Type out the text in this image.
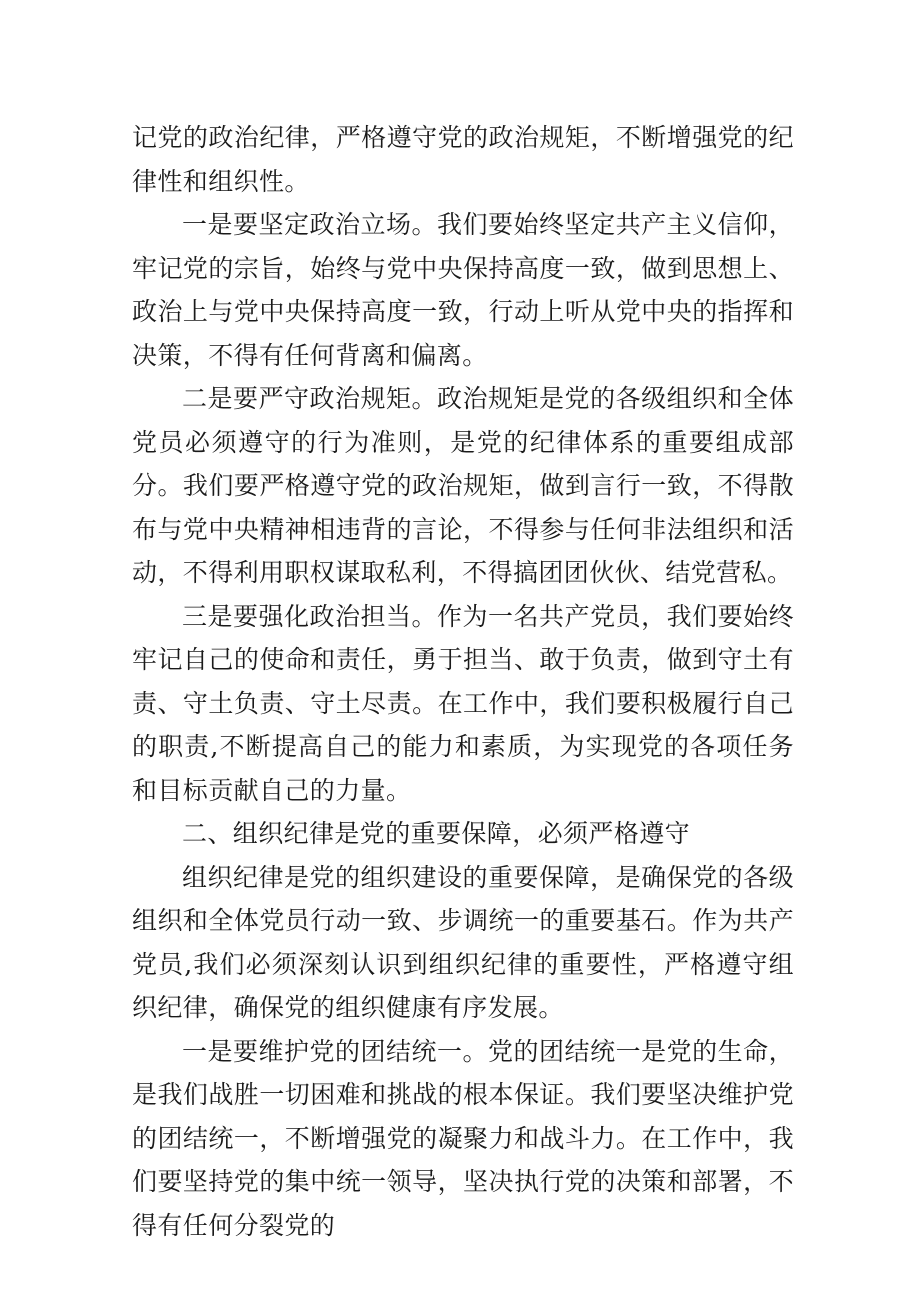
记党的政治纪律，严格遵守党的政治规矩，不断增强党的纪律性和组织性。

一是要坚定政治立场。我们要始终坚定共产主义信仰，牢记党的宗旨，始终与党中央保持高度一致，做到思想上、政治上与党中央保持高度一致，行动上听从党中央的指挥和决策，不得有任何背离和偏离。

二是要严守政治规矩。政治规矩是党的各级组织和全体党员必须遵守的行为准则，是党的纪律体系的重要组成部分。我们要严格遵守党的政治规矩，做到言行一致，不得散布与党中央精神相违背的言论，不得参与任何非法组织和活动，不得利用职权谋取私利，不得搞团团伙伙、结党营私。

三是要强化政治担当。作为一名共产党员，我们要始终牢记自己的使命和责任，勇于担当、敢于负责，做到守土有责、守土负责、守土尽责。在工作中，我们要积极履行自己的职责,不断提高自己的能力和素质，为实现党的各项任务和目标贡献自己的力量。

二、组织纪律是党的重要保障，必须严格遵守

组织纪律是党的组织建设的重要保障，是确保党的各级组织和全体党员行动一致、步调统一的重要基石。作为共产党员,我们必须深刻认识到组织纪律的重要性，严格遵守组织纪律，确保党的组织健康有序发展。

一是要维护党的团结统一。党的团结统一是党的生命，是我们战胜一切困难和挑战的根本保证。我们要坚决维护党的团结统一，不断增强党的凝聚力和战斗力。在工作中，我们要坚持党的集中统一领导，坚决执行党的决策和部署，不得有任何分裂党的
